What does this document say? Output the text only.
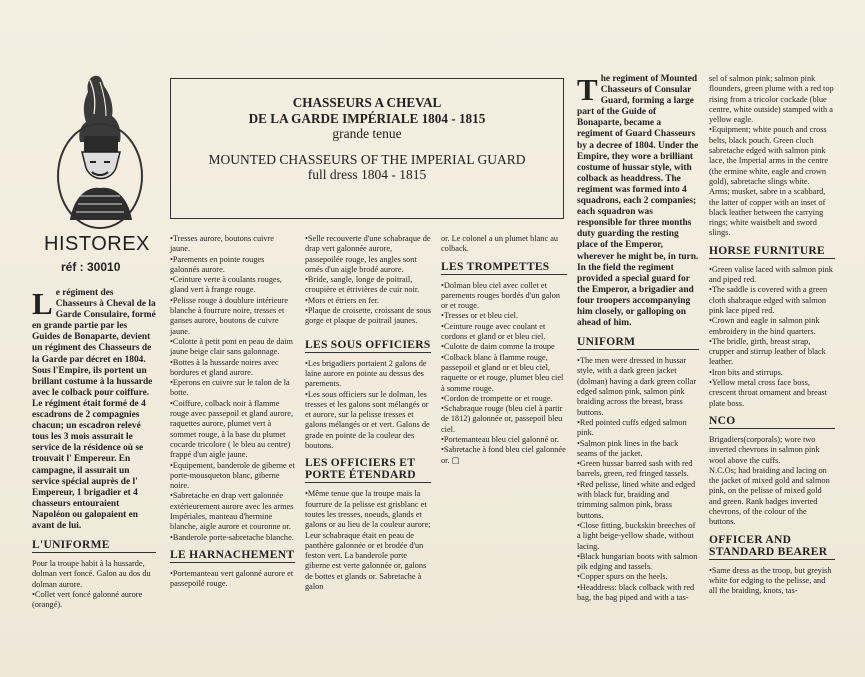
HISTOREX
réf : 30010
CHASSEURS A CHEVAL
DE LA GARDE IMPÉRIALE 1804 - 1815
grande tenue
MOUNTED CHASSEURS OF THE IMPERIAL GUARD
full dress 1804 - 1815
L e régiment des Chasseurs à Cheval de la Garde Consulaire, formé en grande partie par les Guides de Bonaparte, devient un régiment des Chasseurs de la Garde par décret en 1804. Sous l'Empire, ils portent un brillant costume à la hussarde avec le colback pour coiffure. Le régiment était formé de 4 escadrons de 2 compagnies chacun; un escadron relevé tous les 3 mois assurait le service de la résidence où se trouvait l' Empereur. En campagne, il assurait un service spécial auprès de l' Empereur, 1 brigadier et 4 chasseurs entouraient Napoléon ou galopaient en avant de lui.
L'UNIFORME

Pour la troupe habit à la hussarde, dolman vert foncé. Galon au dos du dolman aurore.
•Collet vert foncé galonné aurore (orangé).

•Tresses aurore, boutons cuivre jaune.
•Parements en pointe rouges galonnés aurore.
•Ceinture verte à coulants rouges, gland vert à frange rouge.
•Pelisse rouge à doublure intérieure blanche à fourrure noire, tresses et ganses aurore, boutons de cuivre jaune.
•Culotte à petit pont en peau de daim jaune beige clair sans galonnage.
•Bottes à la hussarde noires avec bordures et gland aurore.
•Eperons en cuivre sur le talon de la botte.
•Coiffure, colback noir à flamme rouge avec passepoil et gland aurore, raquettes aurore, plumet vert à sommet rouge, à la base du plumet cocarde tricolore ( le bleu au centre) frappé d'un aigle jaune.
•Equipement, banderole de giberne et porte-mousqueton blanc, giberne noire.
•Sabretache en drap vert galonnée extérieurement aurore avec les armes Impériales, manteau d'hermine blanche, aigle aurore et couronne or.
•Banderole porte-sabretache blanche.

LE HARNACHEMENT

•Portemanteau vert galonné aurore et passepoilé rouge.

•Selle recouverte d'une schabraque de drap vert galonnée aurore, passepoilée rouge, les angles sont ornés d'un aigle brodé aurore.
•Bride, sangle, longe de poitrail, croupière et étrivières de cuir noir.
•Mors et étriers en fer.
•Plaque de croisette, croissant de sous gorge et plaque de poitrail jaunes.

LES SOUS OFFICIERS

•Les brigadiers portaient 2 galons de laine aurore en pointe au dessus des parements.
•Les sous officiers sur le dolman, les tresses et les galons sont mélangés or et aurore, sur la pelisse tresses et galons mélangés or et vert. Galons de grade en pointe de la couleur des boutons.

LES OFFICIERS ET PORTE ÉTENDARD

•Même tenue que la troupe mais la fourrure de la pelisse est grisblanc et toutes les tresses, noeuds, glands et galons or au lieu de la couleur aurore; Leur schabraque était en peau de panthère galonnée or et brodée d'un feston vert. La banderole porte giberne est verte galonnée or, galons de bottes et glands or. Sabretache à galon

or. Le colonel a un plumet blanc au colback.

LES TROMPETTES

•Dolman bleu ciel avec collet et parements rouges bordés d'un galon or et rouge.
•Tresses or et bleu ciel.
•Ceinture rouge avec coulant et cordons et gland or et bleu ciel.
•Culotte de daim comme la troupe
•Colback blanc à flamme rouge, passepoil et gland or et bleu ciel, raquette or et rouge, plumet bleu ciel à somme rouge.
•Cordon de trompette or et rouge.
•Schabraque rouge (bleu ciel à partir de 1812) galonnée or, passepoil bleu ciel.
•Portemanteau bleu ciel galonné or.
•Sabretache à fond bleu ciel galonnée or. ▢

T he regiment of Mounted Chasseurs of Consular Guard, forming a large part of the Guide of Bonaparte, became a regiment of Guard Chasseurs by a decree of 1804. Under the Empire, they wore a brilliant costume of hussar style, with colback as headdress. The regiment was formed into 4 squadrons, each 2 companies; each squadron was responsible for three months duty guarding the resting place of the Emperor, wherever he might be, in turn. In the field the regiment provided a special guard for the Emperor, a brigadier and four troopers accompanying him closely, or galloping on ahead of him.
UNIFORM

•The men were dressed in hussar style, with a dark green jacket (dolman) having a dark green collar edged salmon pink, salmon pink braiding across the breast, brass buttons.
•Red pointed cuffs edged salmon pink.
•Salmon pink lines in the back seams of the jacket.
•Green hussar barred sash with red barrels, green, red fringed tassels.
•Red pelisse, lined white and edged with black fur, braiding and trimming salmon pink, brass buttons.
•Close fitting, buckskin breeches of a light beige-yellow shade, without lacing.
•Black hungarian boots with salmon pik edging and tassels.
•Copper spurs on the heels.
•Headdress: black colback with red bag, the bag piped and with a tas-

sel of salmon pink; salmon pink flounders, green plume with a red top rising from a tricolor cockade (blue centre, white outside) stamped with a yellow eagle.
•Equipment; white pouch and cross belts, black pouch. Green cloch sabretache edged with salmon pink lace, the Imperial arms in the centre (the ermine white, eagle and crown gold), sabretache slings white.
Arms; musket, sabre in a scabbard, the latter of copper with an inset of black leather between the carrying rings; white waistbelt and sword slings.

HORSE FURNITURE

•Green valise laced with salmon pink and piped red.
•The saddle is covered with a green cloth shabraque edged with salmon pink lace piped red.
•Crown and eagle in salmon pink embroidery in the hind quarters.
•The bridle, girth, breast strap, crupper and stirrup leather of black leather.
•Iron bits and stirrups.
•Yellow metal cross face boss, crescent throat ornament and breast plate boss.

NCO

Brigadiers(corporals); wore two inverted chevrons in salmon pink wool above the cuffs.
N.C.Os; had braiding and lacing on the jacket of mixed gold and salmon pink, on the pelisse of mixed gold and green. Rank badges inverted chevrons, of the colour of the buttons.

OFFICER AND STANDARD BEARER

•Same dress as the troop, but greyish white for edging to the pelisse, and all the braiding, knots, tas-
